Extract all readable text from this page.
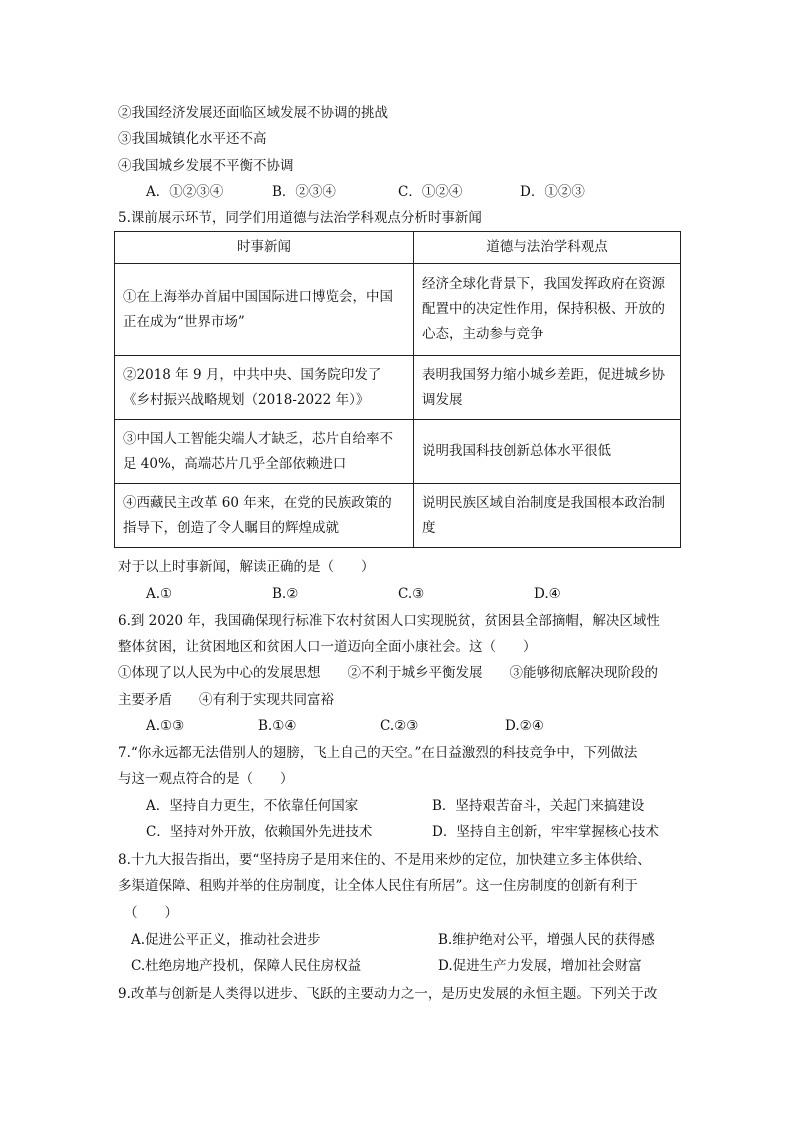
②我国经济发展还面临区域发展不协调的挑战
③我国城镇化水平还不高
④我国城乡发展不平衡不协调
A．①②③④	B．②③④	C．①②④	D．①②③
5.课前展示环节，同学们用道德与法治学科观点分析时事新闻
时事新闻	道德与法治学科观点
①在上海举办首届中国国际进口博览会，中国正在成为“世界市场”	经济全球化背景下，我国发挥政府在资源配置中的决定性作用，保持积极、开放的心态，主动参与竞争
②2018 年 9 月，中共中央、国务院印发了《乡村振兴战略规划（2018-2022 年）》	表明我国努力缩小城乡差距，促进城乡协调发展
③中国人工智能尖端人才缺乏，芯片自给率不足 40%，高端芯片几乎全部依赖进口	说明我国科技创新总体水平很低
④西藏民主改革 60 年来，在党的民族政策的指导下，创造了令人瞩目的辉煌成就	说明民族区域自治制度是我国根本政治制度
对于以上时事新闻，解读正确的是（　　）
A.①	B.②	C.③	D.④
6.到 2020 年，我国确保现行标准下农村贫困人口实现脱贫，贫困县全部摘帽，解决区域性
整体贫困，让贫困地区和贫困人口一道迈向全面小康社会。这（　　）
①体现了以人民为中心的发展思想　　②不利于城乡平衡发展　　③能够彻底解决现阶段的
主要矛盾　　④有利于实现共同富裕
A.①③	B.①④	C.②③	D.②④
7.“你永远都无法借别人的翅膀，飞上自己的天空。”在日益激烈的科技竞争中，下列做法
与这一观点符合的是（　　）
A．坚持自力更生，不依靠任何国家	B．坚持艰苦奋斗，关起门来搞建设
C．坚持对外开放，依赖国外先进技术	D．坚持自主创新，牢牢掌握核心技术
8.十九大报告指出，要“坚持房子是用来住的、不是用来炒的定位，加快建立多主体供给、
多渠道保障、租购并举的住房制度，让全体人民住有所居”。这一住房制度的创新有利于
（　　）
A.促进公平正义，推动社会进步	B.维护绝对公平，增强人民的获得感
C.杜绝房地产投机，保障人民住房权益	D.促进生产力发展，增加社会财富
9.改革与创新是人类得以进步、飞跃的主要动力之一，是历史发展的永恒主题。下列关于改
